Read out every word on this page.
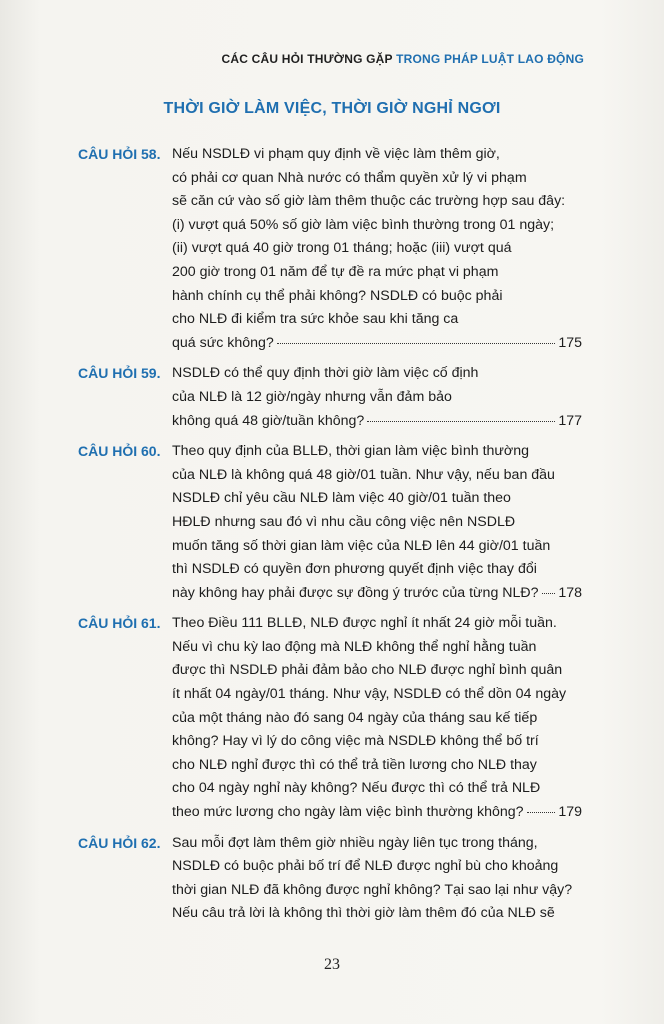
CÁC CÂU HỎI THƯỜNG GẶP TRONG PHÁP LUẬT LAO ĐỘNG
THỜI GIỜ LÀM VIỆC, THỜI GIỜ NGHỈ NGƠI
CÂU HỎI 58. Nếu NSDLĐ vi phạm quy định về việc làm thêm giờ,
có phải cơ quan Nhà nước có thẩm quyền xử lý vi phạm
sẽ căn cứ vào số giờ làm thêm thuộc các trường hợp sau đây:
(i) vượt quá 50% số giờ làm việc bình thường trong 01 ngày;
(ii) vượt quá 40 giờ trong 01 tháng; hoặc (iii) vượt quá
200 giờ trong 01 năm để tự đề ra mức phạt vi phạm
hành chính cụ thể phải không? NSDLĐ có buộc phải
cho NLĐ đi kiểm tra sức khỏe sau khi tăng ca
quá sức không?	175
CÂU HỎI 59. NSDLĐ có thể quy định thời giờ làm việc cố định
của NLĐ là 12 giờ/ngày nhưng vẫn đảm bảo
không quá 48 giờ/tuần không?	177
CÂU HỎI 60. Theo quy định của BLLĐ, thời gian làm việc bình thường
của NLĐ là không quá 48 giờ/01 tuần. Như vậy, nếu ban đầu
NSDLĐ chỉ yêu cầu NLĐ làm việc 40 giờ/01 tuần theo
HĐLĐ nhưng sau đó vì nhu cầu công việc nên NSDLĐ
muốn tăng số thời gian làm việc của NLĐ lên 44 giờ/01 tuần
thì NSDLĐ có quyền đơn phương quyết định việc thay đổi
này không hay phải được sự đồng ý trước của từng NLĐ? 178
CÂU HỎI 61. Theo Điều 111 BLLĐ, NLĐ được nghỉ ít nhất 24 giờ mỗi tuần.
Nếu vì chu kỳ lao động mà NLĐ không thể nghỉ hằng tuần
được thì NSDLĐ phải đảm bảo cho NLĐ được nghỉ bình quân
ít nhất 04 ngày/01 tháng. Như vậy, NSDLĐ có thể dồn 04 ngày
của một tháng nào đó sang 04 ngày của tháng sau kế tiếp
không? Hay vì lý do công việc mà NSDLĐ không thể bố trí
cho NLĐ nghỉ được thì có thể trả tiền lương cho NLĐ thay
cho 04 ngày nghỉ này không? Nếu được thì có thể trả NLĐ
theo mức lương cho ngày làm việc bình thường không? 179
CÂU HỎI 62. Sau mỗi đợt làm thêm giờ nhiều ngày liên tục trong tháng,
NSDLĐ có buộc phải bố trí để NLĐ được nghỉ bù cho khoảng
thời gian NLĐ đã không được nghỉ không? Tại sao lại như vậy?
Nếu câu trả lời là không thì thời giờ làm thêm đó của NLĐ sẽ
23
